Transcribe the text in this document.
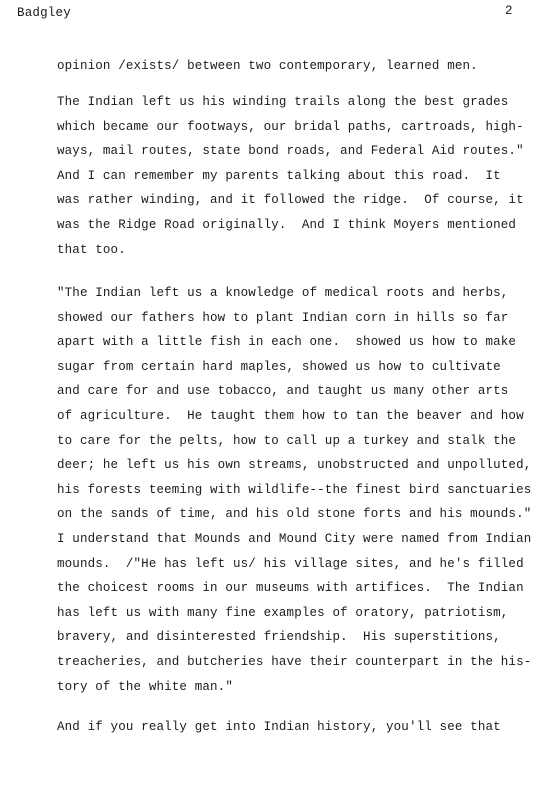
Badgley	2
opinion /exists/ between two contemporary, learned men.
The Indian left us his winding trails along the best grades
which became our footways, our bridal paths, cartroads, high-
ways, mail routes, state bond roads, and Federal Aid routes."
And I can remember my parents talking about this road.  It
was rather winding, and it followed the ridge.  Of course, it
was the Ridge Road originally.  And I think Moyers mentioned
that too.
"The Indian left us a knowledge of medical roots and herbs,
showed our fathers how to plant Indian corn in hills so far
apart with a little fish in each one.  showed us how to make
sugar from certain hard maples, showed us how to cultivate
and care for and use tobacco, and taught us many other arts
of agriculture.  He taught them how to tan the beaver and how
to care for the pelts, how to call up a turkey and stalk the
deer; he left us his own streams, unobstructed and unpolluted,
his forests teeming with wildlife--the finest bird sanctuaries
on the sands of time, and his old stone forts and his mounds."
I understand that Mounds and Mound City were named from Indian
mounds.  /"He has left us/ his village sites, and he's filled
the choicest rooms in our museums with artifices.  The Indian
has left us with many fine examples of oratory, patriotism,
bravery, and disinterested friendship.  His superstitions,
treacheries, and butcheries have their counterpart in the his-
tory of the white man."
And if you really get into Indian history, you'll see that
